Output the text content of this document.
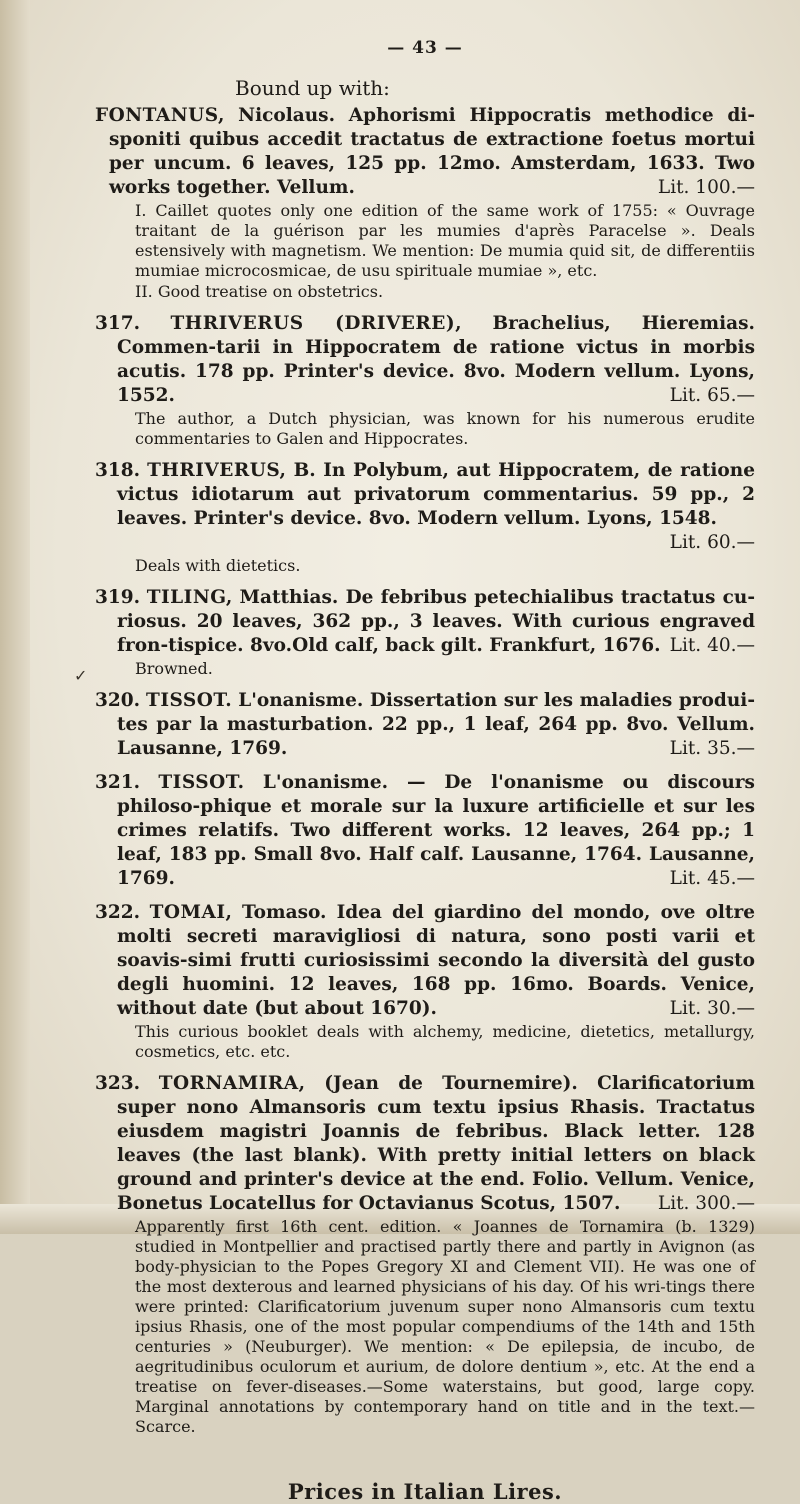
✓
— 43 —
Bound up with:
FONTANUS, Nicolaus. Aphorismi Hippocratis methodice di-sponiti quibus accedit tractatus de extractione foetus mortui per uncum. 6 leaves, 125 pp. 12mo. Amsterdam, 1633. Two works together. Vellum.	Lit. 100.—
I. Caillet quotes only one edition of the same work of 1755: « Ouvrage traitant de la guérison par les mumies d'après Paracelse ». Deals estensively with magnetism. We mention: De mumia quid sit, de differentiis mumiae microcosmicae, de usu spirituale mumiae », etc.
II. Good treatise on obstetrics.
317. THRIVERUS (DRIVERE), Brachelius, Hieremias. Commen-tarii in Hippocratem de ratione victus in morbis acutis. 178 pp. Printer's device. 8vo. Modern vellum. Lyons, 1552.	Lit. 65.—
The author, a Dutch physician, was known for his numerous erudite commentaries to Galen and Hippocrates.
318. THRIVERUS, B. In Polybum, aut Hippocratem, de ratione victus idiotarum aut privatorum commentarius. 59 pp., 2 leaves. Printer's device. 8vo. Modern vellum. Lyons, 1548.
Lit. 60.—
Deals with dietetics.
319. TILING, Matthias. De febribus petechialibus tractatus cu-riosus. 20 leaves, 362 pp., 3 leaves. With curious engraved fron-tispice. 8vo.Old calf, back gilt. Frankfurt, 1676. Lit. 40.—
Browned.
320. TISSOT. L'onanisme. Dissertation sur les maladies produi-tes par la masturbation. 22 pp., 1 leaf, 264 pp. 8vo. Vellum. Lausanne, 1769.	Lit. 35.—
321. TISSOT. L'onanisme. — De l'onanisme ou discours philoso-phique et morale sur la luxure artificielle et sur les crimes relatifs. Two different works. 12 leaves, 264 pp.; 1 leaf, 183 pp. Small 8vo. Half calf. Lausanne, 1764. Lausanne, 1769.	Lit. 45.—
322. TOMAI, Tomaso. Idea del giardino del mondo, ove oltre molti secreti maravigliosi di natura, sono posti varii et soavis-simi frutti curiosissimi secondo la diversità del gusto degli huomini. 12 leaves, 168 pp. 16mo. Boards. Venice, without date (but about 1670).	Lit. 30.—
This curious booklet deals with alchemy, medicine, dietetics, metallurgy, cosmetics, etc. etc.
323. TORNAMIRA, (Jean de Tournemire). Clarificatorium super nono Almansoris cum textu ipsius Rhasis. Tractatus eiusdem magistri Joannis de febribus. Black letter. 128 leaves (the last blank). With pretty initial letters on black ground and printer's device at the end. Folio. Vellum. Venice, Bonetus Locatellus for Octavianus Scotus, 1507. Lit. 300.—
Apparently first 16th cent. edition. « Joannes de Tornamira (b. 1329) studied in Montpellier and practised partly there and partly in Avignon (as body-physician to the Popes Gregory XI and Clement VII). He was one of the most dexterous and learned physicians of his day. Of his wri-tings there were printed: Clarificatorium juvenum super nono Almansoris cum textu ipsius Rhasis, one of the most popular compendiums of the 14th and 15th centuries » (Neuburger). We mention: « De epilepsia, de incubo, de aegritudinibus oculorum et aurium, de dolore dentium », etc. At the end a treatise on fever-diseases.—Some waterstains, but good, large copy. Marginal annotations by contemporary hand on title and in the text.—Scarce.
Prices in Italian Lires.
